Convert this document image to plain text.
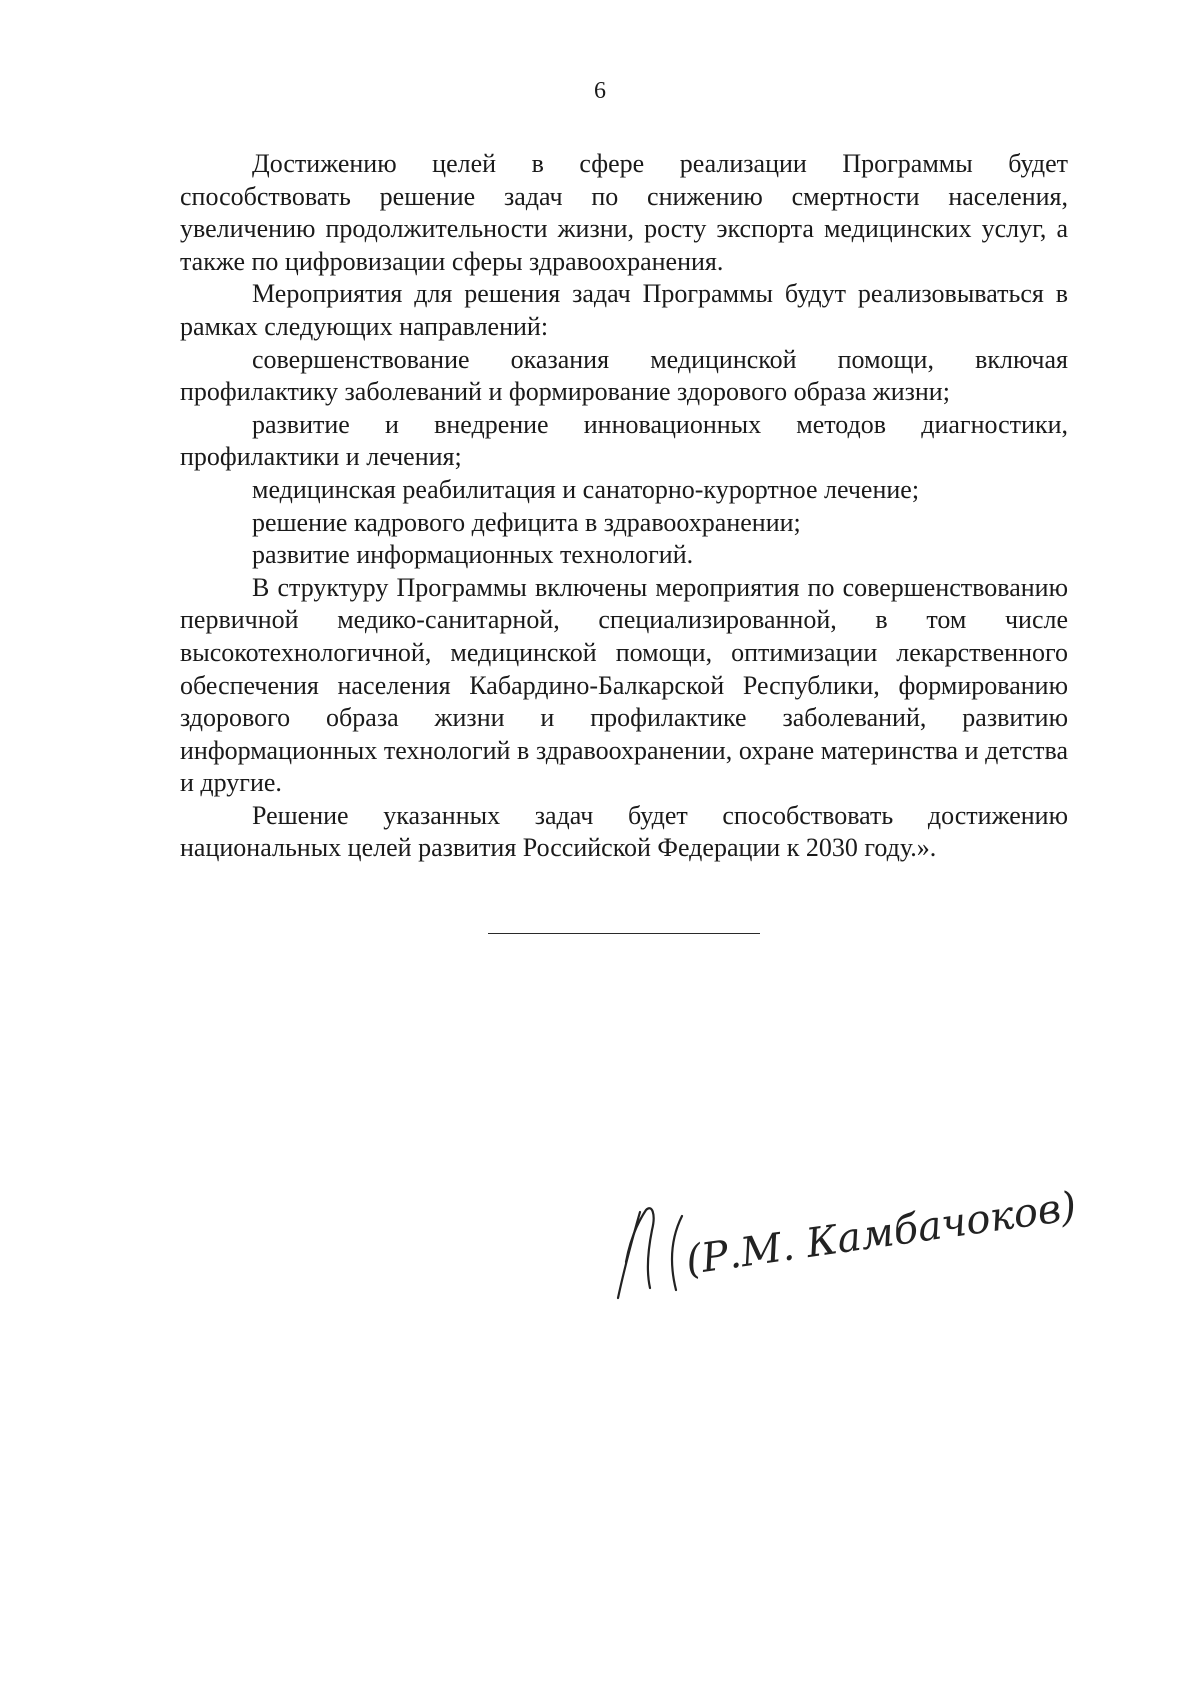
6

Достижению целей в сфере реализации Программы будет способствовать решение задач по снижению смертности населения, увеличению продолжительности жизни, росту экспорта медицинских услуг, а также по цифровизации сферы здравоохранения.

Мероприятия для решения задач Программы будут реализовываться в рамках следующих направлений:

совершенствование оказания медицинской помощи, включая профилактику заболеваний и формирование здорового образа жизни;

развитие и внедрение инновационных методов диагностики, профилактики и лечения;

медицинская реабилитация и санаторно-курортное лечение;

решение кадрового дефицита в здравоохранении;

развитие информационных технологий.

В структуру Программы включены мероприятия по совершенствованию первичной медико-санитарной, специализированной, в том числе высокотехнологичной, медицинской помощи, оптимизации лекарственного обеспечения населения Кабардино-Балкарской Республики, формированию здорового образа жизни и профилактике заболеваний, развитию информационных технологий в здравоохранении, охране материнства и детства и другие.

Решение указанных задач будет способствовать достижению национальных целей развития Российской Федерации к 2030 году.».

(Р.М. Камбачоков)
